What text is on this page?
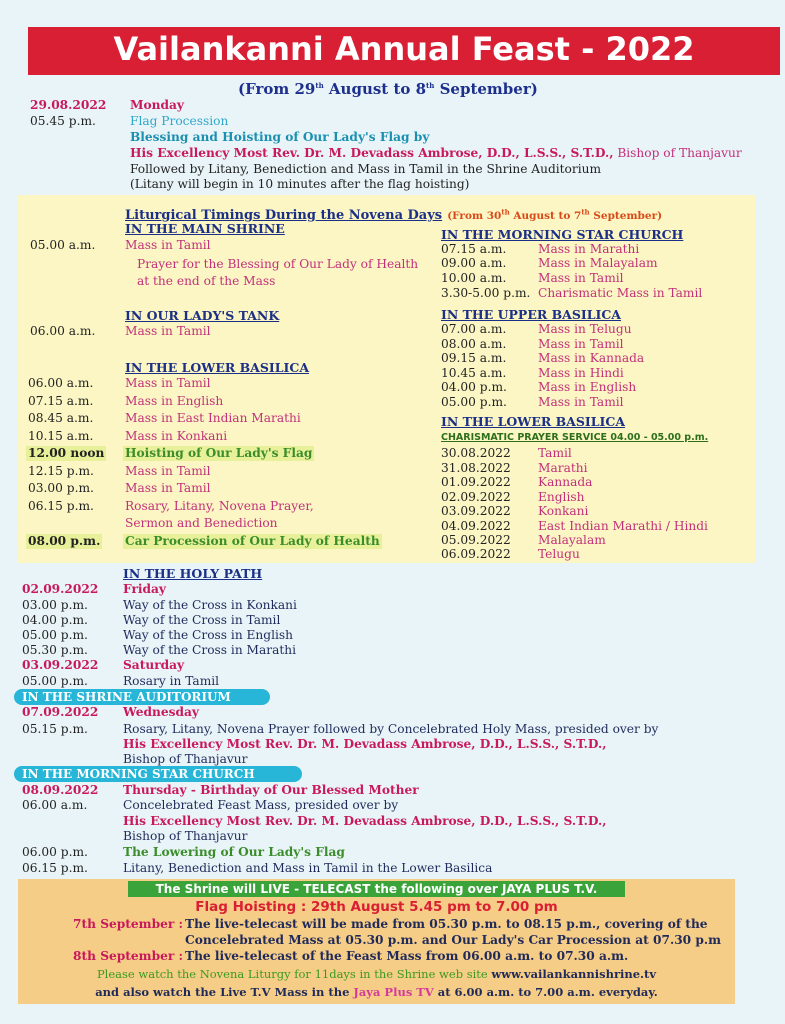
Vailankanni Annual Feast - 2022
(From 29th August to 8th September)
29.08.2022 Monday
05.45 p.m.	Flag Procession
Blessing and Hoisting of Our Lady's Flag by
His Excellency Most Rev. Dr. M. Devadass Ambrose, D.D., L.S.S., S.T.D., Bishop of Thanjavur
Followed by Litany, Benediction and Mass in Tamil in the Shrine Auditorium
(Litany will begin in 10 minutes after the flag hoisting)
Liturgical Timings During the Novena Days (From 30th August to 7th September)
IN THE MAIN SHRINE
05.00 a.m. Mass in Tamil
Prayer for the Blessing of Our Lady of Health
at the end of the Mass
IN OUR LADY'S TANK
06.00 a.m. Mass in Tamil
IN THE LOWER BASILICA
06.00 a.m.	Mass in Tamil
07.15 a.m.	Mass in English
08.45 a.m.	Mass in East Indian Marathi
10.15 a.m.	Mass in Konkani
12.00 noon Hoisting of Our Lady's Flag
12.15 p.m.	Mass in Tamil
03.00 p.m.	Mass in Tamil
06.15 p.m.	Rosary, Litany, Novena Prayer,
Sermon and Benediction
08.00 p.m. Car Procession of Our Lady of Health
IN THE MORNING STAR CHURCH
07.15 a.m.	Mass in Marathi
09.00 a.m.	Mass in Malayalam
10.00 a.m.	Mass in Tamil
3.30-5.00 p.m. Charismatic Mass in Tamil
IN THE UPPER BASILICA
07.00 a.m.	Mass in Telugu
08.00 a.m.	Mass in Tamil
09.15 a.m.	Mass in Kannada
10.45 a.m.	Mass in Hindi
04.00 p.m.	Mass in English
05.00 p.m.	Mass in Tamil
IN THE LOWER BASILICA
CHARISMATIC PRAYER SERVICE 04.00 - 05.00 p.m.
30.08.2022 Tamil
31.08.2022 Marathi
01.09.2022 Kannada
02.09.2022 English
03.09.2022 Konkani
04.09.2022 East Indian Marathi / Hindi
05.09.2022 Malayalam
06.09.2022 Telugu
IN THE HOLY PATH
02.09.2022 Friday
03.00 p.m.	Way of the Cross in Konkani
04.00 p.m.	Way of the Cross in Tamil
05.00 p.m.	Way of the Cross in English
05.30 p.m.	Way of the Cross in Marathi
03.09.2022 Saturday
05.00 p.m.	Rosary in Tamil
IN THE SHRINE AUDITORIUM
07.09.2022 Wednesday
05.15 p.m.	Rosary, Litany, Novena Prayer followed by Concelebrated Holy Mass, presided over by
His Excellency Most Rev. Dr. M. Devadass Ambrose, D.D., L.S.S., S.T.D.,
Bishop of Thanjavur
IN THE MORNING STAR CHURCH
08.09.2022 Thursday - Birthday of Our Blessed Mother
06.00 a.m.	Concelebrated Feast Mass, presided over by
His Excellency Most Rev. Dr. M. Devadass Ambrose, D.D., L.S.S., S.T.D.,
Bishop of Thanjavur
06.00 p.m.	The Lowering of Our Lady's Flag
06.15 p.m.	Litany, Benediction and Mass in Tamil in the Lower Basilica
The Shrine will LIVE - TELECAST the following over JAYA PLUS T.V.
Flag Hoisting : 29th August 5.45 pm to 7.00 pm
7th September : The live-telecast will be made from 05.30 p.m. to 08.15 p.m., covering of the
Concelebrated Mass at 05.30 p.m. and Our Lady's Car Procession at 07.30 p.m
8th September : The live-telecast of the Feast Mass from 06.00 a.m. to 07.30 a.m.
Please watch the Novena Liturgy for 11days in the Shrine web site www.vailankannishrine.tv
and also watch the Live T.V Mass in the Jaya Plus TV at 6.00 a.m. to 7.00 a.m. everyday.
